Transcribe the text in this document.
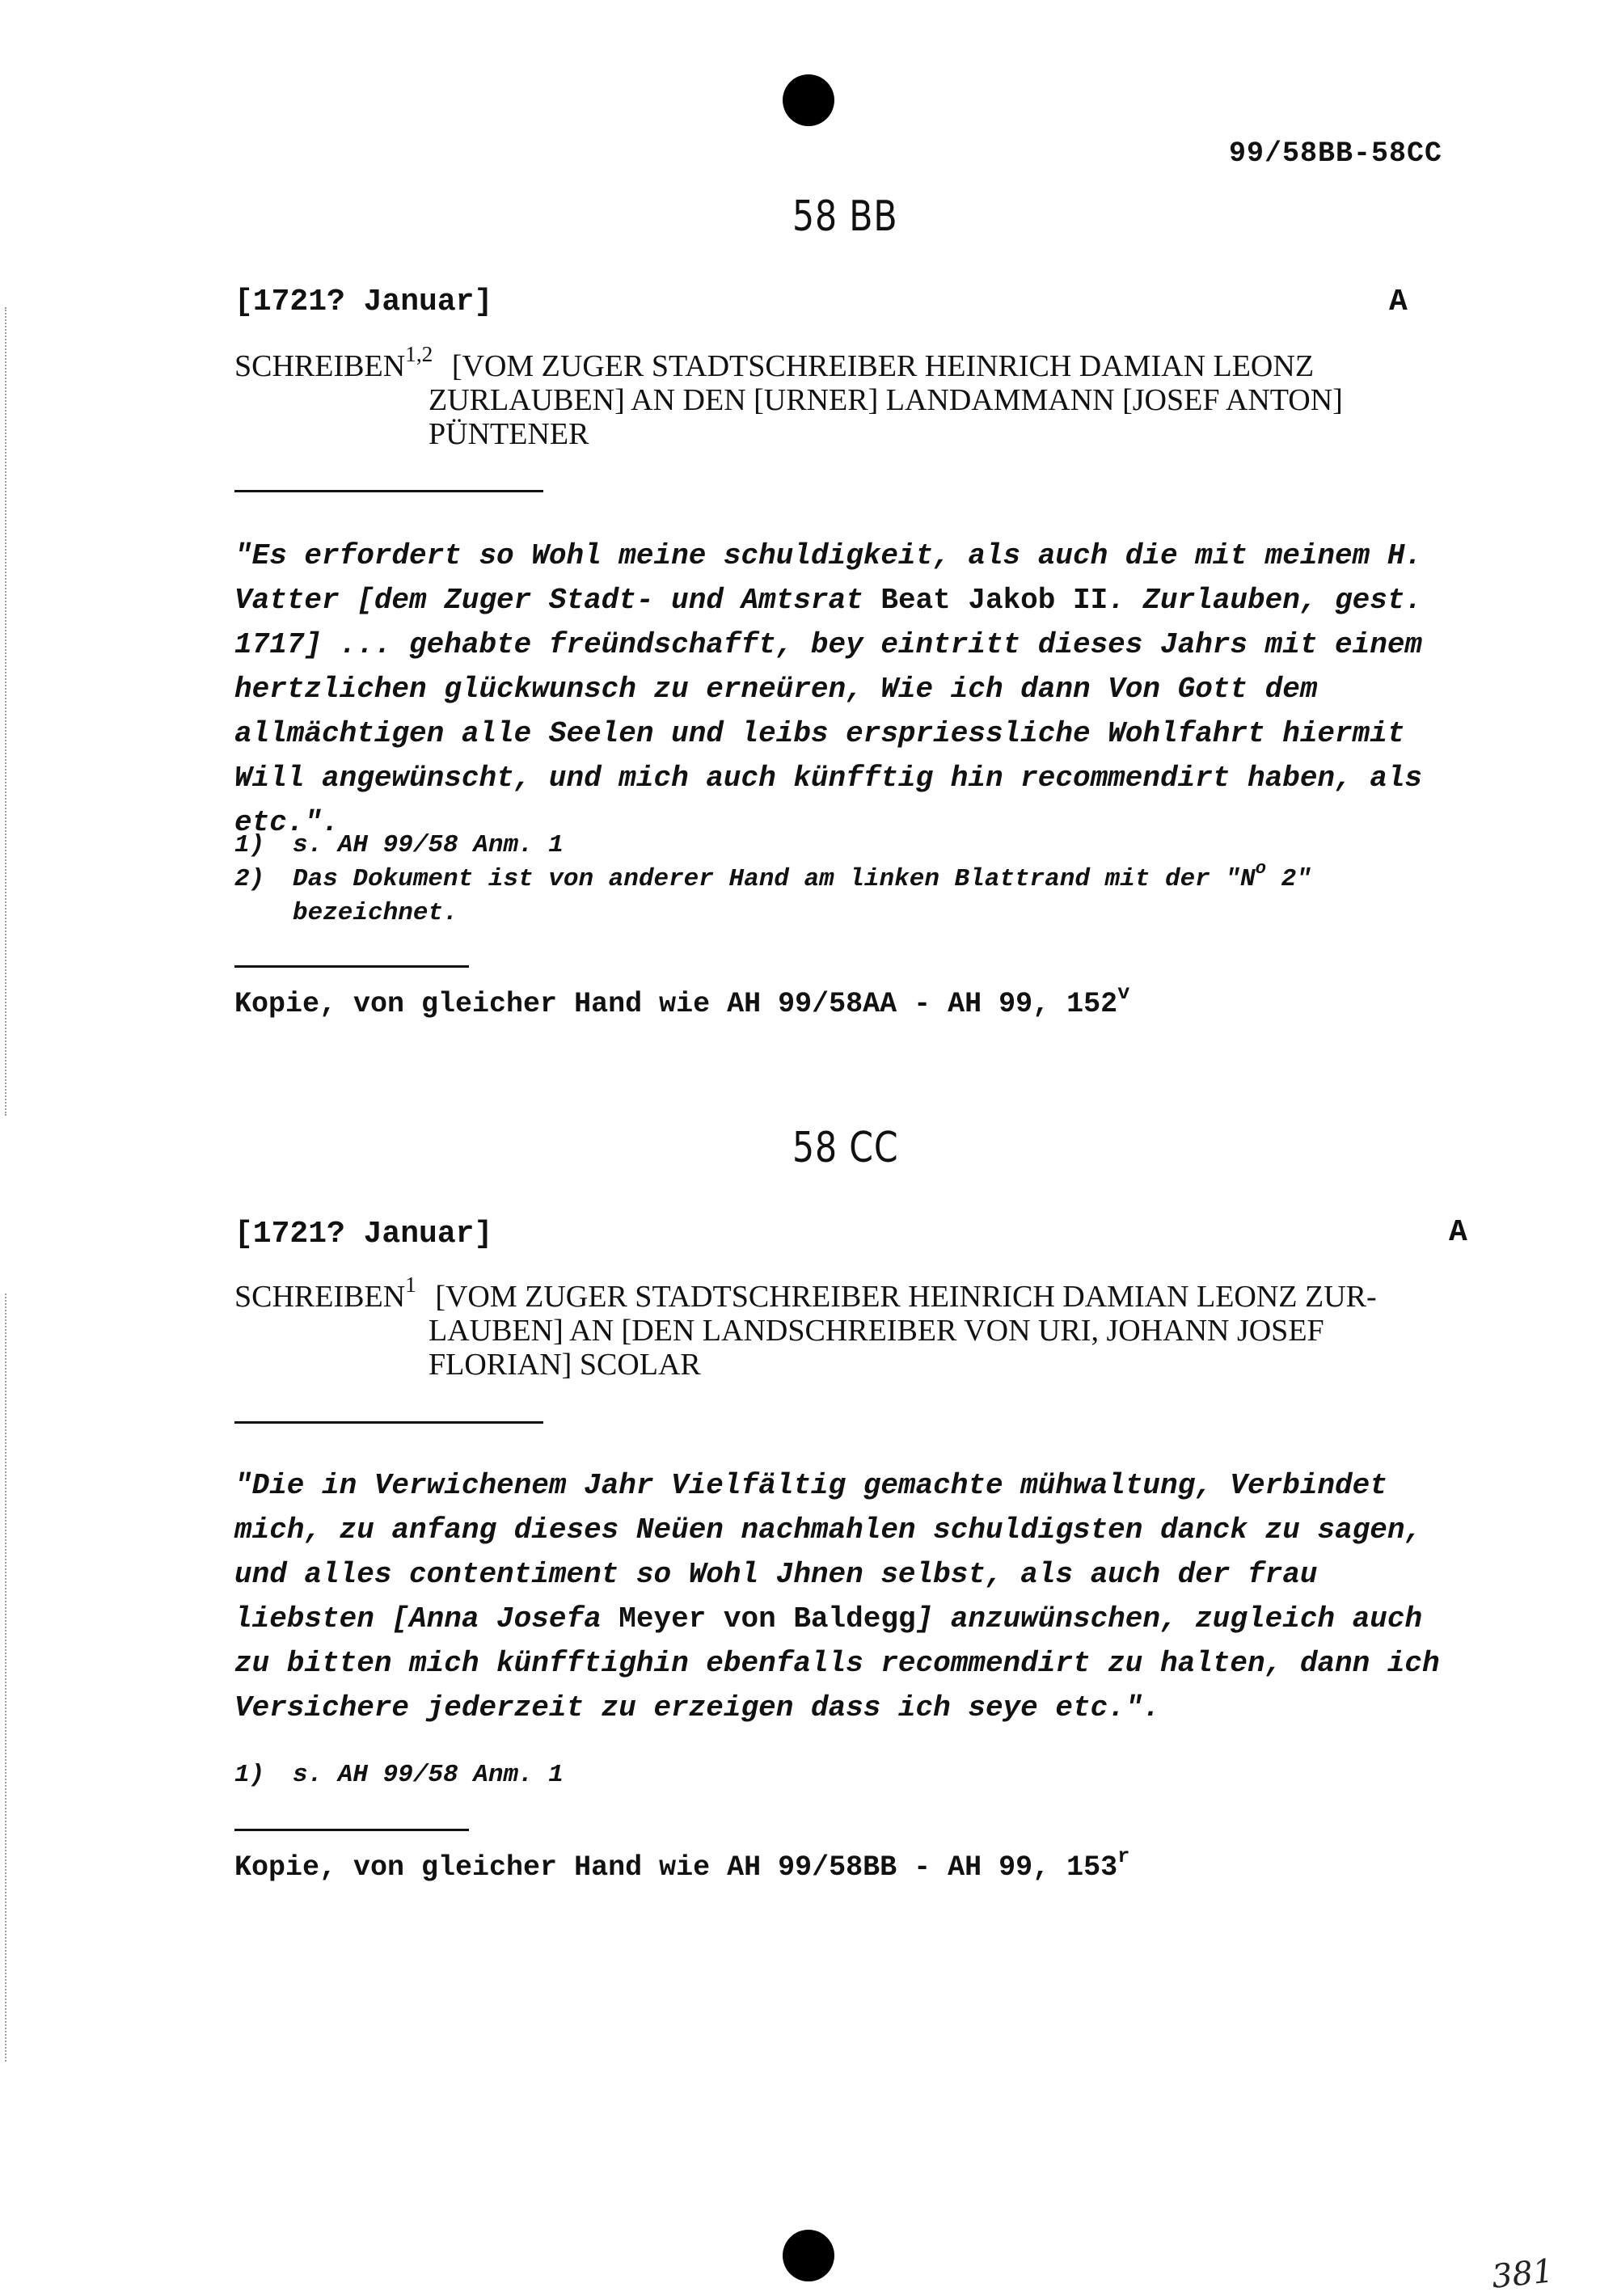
99/58BB-58CC
58 BB
[1721? Januar]	A
SCHREIBEN$^{1,2}$ [VOM ZUGER STADTSCHREIBER HEINRICH DAMIAN LEONZ
ZURLAUBEN] AN DEN [URNER] LANDAMMANN [JOSEF ANTON]
PÜNTENER
"Es erfordert so Wohl meine schuldigkeit, als auch die mit meinem H. Vatter [dem Zuger Stadt- und Amtsrat Beat Jakob II. Zurlauben, gest. 1717] ... gehabte freündschafft, bey eintritt dieses Jahrs mit einem hertzlichen glückwunsch zu erneüren, Wie ich dann Von Gott dem allmächtigen alle Seelen und leibs erspriessliche Wohlfahrt hiermit Will angewünscht, und mich auch künfftig hin recommendirt haben, als etc.".
1)	s. AH 99/58 Anm. 1
2)	Das Dokument ist von anderer Hand am linken Blattrand mit der "$N^o$ 2" bezeichnet.
Kopie, von gleicher Hand wie AH 99/58AA - AH 99, 152$^v$
58 CC
[1721? Januar]	A
SCHREIBEN$^1$ [VOM ZUGER STADTSCHREIBER HEINRICH DAMIAN LEONZ ZUR-
LAUBEN] AN [DEN LANDSCHREIBER VON URI, JOHANN JOSEF
FLORIAN] SCOLAR
"Die in Verwichenem Jahr Vielfältig gemachte mühwaltung, Verbindet mich, zu anfang dieses Neüen nachmahlen schuldigsten danck zu sagen, und alles contentiment so Wohl Jhnen selbst, als auch der frau liebsten [Anna Josefa Meyer von Baldegg] anzuwünschen, zugleich auch zu bitten mich künfftighin ebenfalls recommendirt zu halten, dann ich Versichere jederzeit zu erzeigen dass ich seye etc.".
1)	s. AH 99/58 Anm. 1
Kopie, von gleicher Hand wie AH 99/58BB - AH 99, 153$^r$
381
